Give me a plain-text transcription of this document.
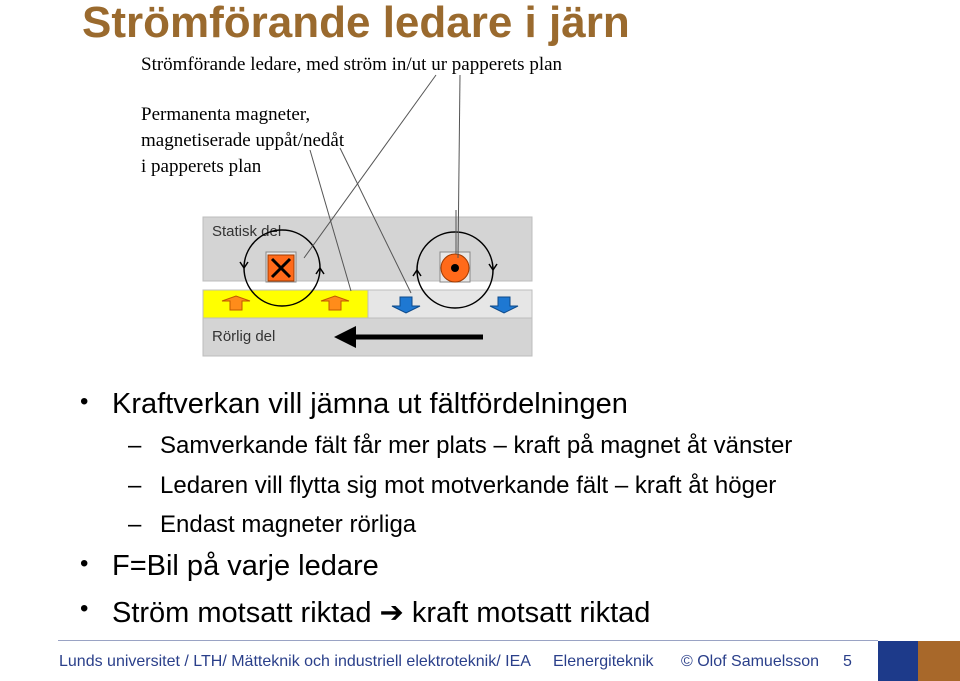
Strömförande ledare i järn
Strömförande ledare, med ström in/ut ur papperets plan
Permanenta magneter,
magnetiserade uppåt/nedåt
i papperets plan
Statisk del
Rörlig del
• Kraftverkan vill jämna ut fältfördelningen
– Samverkande fält får mer plats – kraft på magnet åt vänster
– Ledaren vill flytta sig mot motverkande fält – kraft åt höger
– Endast magneter rörliga
• F=Bil på varje ledare
• Ström motsatt riktad ➔ kraft motsatt riktad
Lunds universitet / LTH/ Mätteknik och industriell elektroteknik/ IEA Elenergiteknik © Olof Samuelsson 5
